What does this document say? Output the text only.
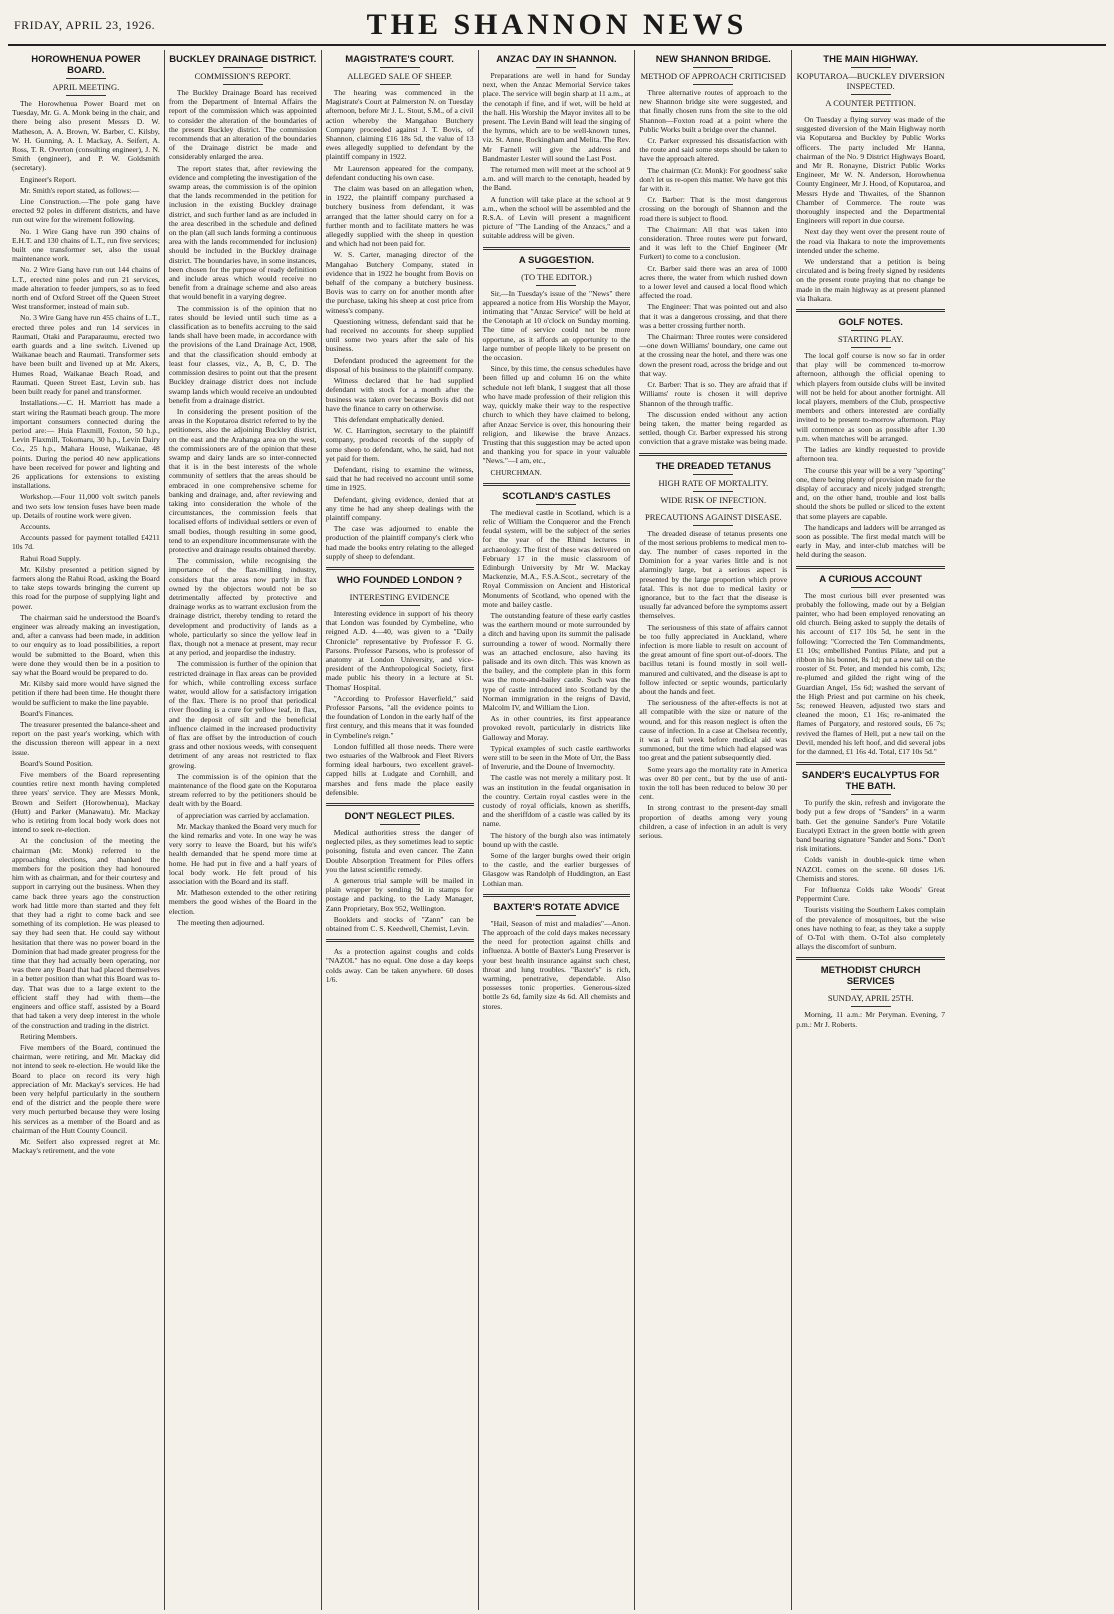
FRIDAY, APRIL 23, 1926.	THE SHANNON NEWS
HOROWHENUA POWER BOARD.
APRIL MEETING.

The Horowhenua Power Board met on Tuesday, Mr. G. A. Monk being in the chair, and there being also present Messrs D. W. Matheson, A. A. Brown, W. Barber, C. Kilsby, W. H. Gunning, A. I. Mackay, A. Seifert, A. Ross, T. R. Overton (consulting engineer), J. N. Smith (engineer), and P. W. Goldsmith (secretary).

Engineer's Report.

Mr. Smith's report stated, as follows:—

Line Construction.—The pole gang have erected 92 poles in different districts, and have run out wire for the wirement following.

No. 1 Wire Gang have run 390 chains of E.H.T. and 130 chains of L.T., run five services; built one transformer set, also the usual maintenance work.

No. 2 Wire Gang have run out 144 chains of L.T., erected nine poles and run 21 services, made alteration to feeder jumpers, so as to feed north end of Oxford Street off the Queen Street West transformer, instead of main sub.

No. 3 Wire Gang have run 455 chains of L.T., erected three poles and run 14 services in Raumati, Otaki and Paraparaumu, erected two earth guards and a line switch. Livened up Waikanae beach and Raumati. Transformer sets have been built and livened up at Mr. Akers, Humes Road, Waikanae Beach Road, and Raumati. Queen Street East, Levin sub. has been built ready for panel and transformer.

Installations.—C. H. Marriott has made a start wiring the Raumati beach group. The more important consumers connected during the period are:— Huia Flaxmill, Foxton, 50 h.p., Levin Flaxmill, Tokomaru, 30 h.p., Levin Dairy Co., 25 h.p., Mahara House, Waikanae, 48 points. During the period 40 new applications have been received for power and lighting and 26 applications for extensions to existing installations.

Workshop.—Four 11,000 volt switch panels and two sets low tension fuses have been made up. Details of routine work were given.

Accounts.

Accounts passed for payment totalled £4211 10s 7d.

Rahui Road Supply.

Mr. Kilsby presented a petition signed by farmers along the Rahui Road, asking the Board to take steps towards bringing the current up this road for the purpose of supplying light and power.

The chairman said he understood the Board's engineer was already making an investigation, and, after a canvass had been made, in addition to our enquiry as to load possibilities, a report would be submitted to the Board, when this were done they would then be in a position to say what the Board would be prepared to do.

Mr. Kilsby said more would have signed the petition if there had been time. He thought there would be sufficient to make the line payable.

Board's Finances.

The treasurer presented the balance-sheet and report on the past year's working, which with the discussion thereon will appear in a next issue.

Board's Sound Position.

Five members of the Board representing counties retire next month having completed three years' service. They are Messrs Monk, Brown and Seifert (Horowhenua), Mackay (Hutt) and Parker (Manawatu). Mr. Mackay who is retiring from local body work does not intend to seek re-election.

At the conclusion of the meeting the chairman (Mr. Monk) referred to the approaching elections, and thanked the members for the position they had honoured him with as chairman, and for their courtesy and support in carrying out the business. When they came back three years ago the construction work had little more than started and they felt that they had a right to come back and see something of its completion. He was pleased to say they had seen that. He could say without hesitation that there was no power board in the Dominion that had made greater progress for the time that they had actually been operating, nor was there any Board that had placed themselves in a better position than what this Board was to-day. That was due to a large extent to the efficient staff they had with them—the engineers and office staff, assisted by a Board that had taken a very deep interest in the whole of the construction and trading in the district.

Retiring Members.

Five members of the Board, continued the chairman, were retiring, and Mr. Mackay did not intend to seek re-election. He would like the Board to place on record its very high appreciation of Mr. Mackay's services. He had been very helpful particularly in the southern end of the district and the people there were very much perturbed because they were losing his services as a member of the Board and as chairman of the Hutt County Council.

Mr. Seifert also expressed regret at Mr. Mackay's retirement, and the vote

BUCKLEY DRAINAGE DISTRICT.
COMMISSION'S REPORT.

The Buckley Drainage Board has received from the Department of Internal Affairs the report of the commission which was appointed to consider the alteration of the boundaries of the present Buckley district. The commission recommends that an alteration of the boundaries of the Drainage district be made and considerably enlarged the area.

The report states that, after reviewing the evidence and completing the investigation of the swamp areas, the commission is of the opinion that the lands recommended in the petition for inclusion in the existing Buckley drainage district, and such further land as are included in the area described in the schedule and defined on the plan (all such lands forming a continuous area with the lands recommended for inclusion) should be included in the Buckley drainage district. The boundaries have, in some instances, been chosen for the purpose of ready definition and include areas which would receive no benefit from a drainage scheme and also areas that would benefit in a varying degree.

The commission is of the opinion that no rates should be levied until such time as a classification as to benefits accruing to the said lands shall have been made, in accordance with the provisions of the Land Drainage Act, 1908, and that the classification should embody at least four classes, viz., A, B, C, D. The commission desires to point out that the present Buckley drainage district does not include swamp lands which would receive an undoubted benefit from a drainage district.

In considering the present position of the areas in the Koputaroa district referred to by the petitioners, also the adjoining Buckley district, on the east and the Arahanga area on the west, the commissioners are of the opinion that these swamp and dairy lands are so inter-connected that it is in the best interests of the whole community of settlers that the areas should be embraced in one comprehensive scheme for banking and drainage, and, after reviewing and taking into consideration the whole of the circumstances, the commission feels that localised efforts of individual settlers or even of small bodies, though resulting in some good, tend to an expenditure incommensurate with the protective and drainage results obtained thereby.

The commission, while recognising the importance of the flax-milling industry, considers that the areas now partly in flax owned by the objectors would not be so detrimentally affected by protective and drainage works as to warrant exclusion from the drainage district, thereby tending to retard the development and productivity of lands as a whole, particularly so since the yellow leaf in flax, though not a menace at present, may recur at any period, and jeopardise the industry.

The commission is further of the opinion that restricted drainage in flax areas can be provided for which, while controlling excess surface water, would allow for a satisfactory irrigation of the flax. There is no proof that periodical river flooding is a cure for yellow leaf, in flax, and the deposit of silt and the beneficial influence claimed in the increased productivity of flax are offset by the introduction of couch grass and other noxious weeds, with consequent detriment of any areas not restricted to flax growing.

The commission is of the opinion that the maintenance of the flood gate on the Koputaroa stream referred to by the petitioners should be dealt with by the Board.

of appreciation was carried by acclamation.

Mr. Mackay thanked the Board very much for the kind remarks and vote. In one way he was very sorry to leave the Board, but his wife's health demanded that he spend more time at home. He had put in five and a half years of local body work. He felt proud of his association with the Board and its staff.

Mr. Matheson extended to the other retiring members the good wishes of the Board in the election.

The meeting then adjourned.

MAGISTRATE'S COURT.
ALLEGED SALE OF SHEEP.

The hearing was commenced in the Magistrate's Court at Palmerston N. on Tuesday afternoon, before Mr J. L. Stout, S.M., of a civil action whereby the Mangahao Butchery Company proceeded against J. T. Bovis, of Shannon, claiming £16 18s 5d, the value of 13 ewes allegedly supplied to defendant by the plaintiff company in 1922.

Mr Laurenson appeared for the company, defendant conducting his own case.

The claim was based on an allegation when, in 1922, the plaintiff company purchased a butchery business from defendant, it was arranged that the latter should carry on for a further month and to facilitate matters he was allegedly supplied with the sheep in question and which had not been paid for.

W. S. Carter, managing director of the Mangahao Butchery Company, stated in evidence that in 1922 he bought from Bovis on behalf of the company a butchery business. Bovis was to carry on for another month after the purchase, taking his sheep at cost price from witness's company.

Questioning witness, defendant said that he had received no accounts for sheep supplied until some two years after the sale of his business.

Defendant produced the agreement for the disposal of his business to the plaintiff company.

Witness declared that he had supplied defendant with stock for a month after the business was taken over because Bovis did not have the finance to carry on otherwise.

This defendant emphatically denied.

W. C. Harrington, secretary to the plaintiff company, produced records of the supply of some sheep to defendant, who, he said, had not yet paid for them.

Defendant, rising to examine the witness, said that he had received no account until some time in 1925.

Defendant, giving evidence, denied that at any time he had any sheep dealings with the plaintiff company.

The case was adjourned to enable the production of the plaintiff company's clerk who had made the books entry relating to the alleged supply of sheep to defendant.

WHO FOUNDED LONDON ?
INTERESTING EVIDENCE

Interesting evidence in support of his theory that London was founded by Cymbeline, who reigned A.D. 4—40, was given to a "Daily Chronicle" representative by Professor F. G. Parsons. Professor Parsons, who is professor of anatomy at London University, and vice-president of the Anthropological Society, first made public his theory in a lecture at St. Thomas' Hospital.

"According to Professor Haverfield," said Professor Parsons, "all the evidence points to the foundation of London in the early half of the first century, and this means that it was founded in Cymbeline's reign."

London fulfilled all those needs. There were two estuaries of the Walbrook and Fleet Rivers forming ideal harbours, two excellent gravel-capped hills at Ludgate and Cornhill, and marshes and fens made the place easily defensible.

DON'T NEGLECT PILES.

Medical authorities stress the danger of neglected piles, as they sometimes lead to septic poisoning, fistula and even cancer. The Zann Double Absorption Treatment for Piles offers you the latest scientific remedy.

A generous trial sample will be mailed in plain wrapper by sending 9d in stamps for postage and packing, to the Lady Manager, Zann Proprietary, Box 952, Wellington.

Booklets and stocks of "Zann" can be obtained from C. S. Keedwell, Chemist, Levin.

As a protection against coughs and colds "NAZOL" has no equal. One dose a day keeps colds away. Can be taken anywhere. 60 doses 1/6.

ANZAC DAY IN SHANNON.

Preparations are well in hand for Sunday next, when the Anzac Memorial Service takes place. The service will begin sharp at 11 a.m., at the cenotaph if fine, and if wet, will be held at the hall. His Worship the Mayor invites all to be present. The Levin Band will lead the singing of the hymns, which are to be well-known tunes, viz. St. Anne, Rockingham and Melita. The Rev. Mr Farnell will give the address and Bandmaster Lester will sound the Last Post.

The returned men will meet at the school at 9 a.m. and will march to the cenotaph, headed by the Band.

A function will take place at the school at 9 a.m., when the school will be assembled and the R.S.A. of Levin will present a magnificent picture of "The Landing of the Anzacs," and a suitable address will be given.

A SUGGESTION.
(TO THE EDITOR.)

Sir,—In Tuesday's issue of the "News" there appeared a notice from His Worship the Mayor, intimating that "Anzac Service" will be held at the Cenotaph at 10 o'clock on Sunday morning. The time of service could not be more opportune, as it affords an opportunity to the large number of people likely to be present on the occasion.

Since, by this time, the census schedules have been filled up and column 16 on the white schedule not left blank, I suggest that all those who have made profession of their religion this way, quickly make their way to the respective church to which they have claimed to belong, after Anzac Service is over, this honouring their religion, and likewise the brave Anzacs. Trusting that this suggestion may be acted upon and thanking you for space in your valuable "News."—I am, etc.,

CHURCHMAN.

SCOTLAND'S CASTLES

The medieval castle in Scotland, which is a relic of William the Conqueror and the French feudal system, will be the subject of the series for the year of the Rhind lectures in archaeology. The first of these was delivered on February 17 in the music classroom of Edinburgh University by Mr W. Mackay Mackenzie, M.A., F.S.A.Scot., secretary of the Royal Commission on Ancient and Historical Monuments of Scotland, who opened with the mote and bailey castle.

The outstanding feature of these early castles was the earthern mound or mote surrounded by a ditch and having upon its summit the palisade surrounding a tower of wood. Normally there was an attached enclosure, also having its palisade and its own ditch. This was known as the bailey, and the complete plan in this form was the mote-and-bailey castle. Such was the type of castle introduced into Scotland by the Norman immigration in the reigns of David, Malcolm IV, and William the Lion.

As in other countries, its first appearance provoked revolt, particularly in districts like Galloway and Moray.

Typical examples of such castle earthworks were still to be seen in the Mote of Urr, the Bass of Inverurie, and the Doune of Invernochty.

The castle was not merely a military post. It was an institution in the feudal organisation in the country. Certain royal castles were in the custody of royal officials, known as sheriffs, and the sheriffdom of a castle was called by its name.

The history of the burgh also was intimately bound up with the castle.

Some of the larger burghs owed their origin to the castle, and the earlier burgesses of Glasgow was Randolph of Huddington, an East Lothian man.

BAXTER'S ROTATE ADVICE

"Hail, Season of mist and maladies"—Anon. The approach of the cold days makes necessary the need for protection against chills and influenza. A bottle of Baxter's Lung Preserver is your best health insurance against such chest, throat and lung troubles. "Baxter's" is rich, warming, penetrative, dependable. Also possesses tonic properties. Generous-sized bottle 2s 6d, family size 4s 6d. All chemists and stores.

NEW SHANNON BRIDGE.
METHOD OF APPROACH CRITICISED

Three alternative routes of approach to the new Shannon bridge site were suggested, and that finally chosen runs from the site to the old Shannon—Foxton road at a point where the Public Works built a bridge over the channel.

Cr. Parker expressed his dissatisfaction with the route and said some steps should be taken to have the approach altered.

The chairman (Cr. Monk): For goodness' sake don't let us re-open this matter. We have got this far with it.

Cr. Barber: That is the most dangerous crossing on the borough of Shannon and the road there is subject to flood.

The Chairman: All that was taken into consideration. Three routes were put forward, and it was left to the Chief Engineer (Mr Furkert) to come to a conclusion.

Cr. Barber said there was an area of 1000 acres there, the water from which rushed down to a lower level and caused a local flood which affected the road.

The Engineer: That was pointed out and also that it was a dangerous crossing, and that there was a better crossing further north.

The Chairman: Three routes were considered—one down Williams' boundary, one came out at the crossing near the hotel, and there was one down the present road, across the bridge and out that way.

Cr. Barber: That is so. They are afraid that if Williams' route is chosen it will deprive Shannon of the through traffic.

The discussion ended without any action being taken, the matter being regarded as settled, though Cr. Barber expressed his strong conviction that a grave mistake was being made.

THE DREADED TETANUS
HIGH RATE OF MORTALITY.
WIDE RISK OF INFECTION.
PRECAUTIONS AGAINST DISEASE.

The dreaded disease of tetanus presents one of the most serious problems to medical men to-day. The number of cases reported in the Dominion for a year varies little and is not alarmingly large, but a serious aspect is presented by the large proportion which prove fatal. This is not due to medical laxity or ignorance, but to the fact that the disease is usually far advanced before the symptoms assert themselves.

The seriousness of this state of affairs cannot be too fully appreciated in Auckland, where infection is more liable to result on account of the great amount of fine sport out-of-doors. The bacillus tetani is found mostly in soil well-manured and cultivated, and the disease is apt to follow infected or septic wounds, particularly about the hands and feet.

The seriousness of the after-effects is not at all compatible with the size or nature of the wound, and for this reason neglect is often the cause of infection. In a case at Chelsea recently, it was a full week before medical aid was summoned, but the time which had elapsed was too great and the patient subsequently died.

Some years ago the mortality rate in America was over 80 per cent., but by the use of anti-toxin the toll has been reduced to below 30 per cent.

In strong contrast to the present-day small proportion of deaths among very young children, a case of infection in an adult is very serious.

THE MAIN HIGHWAY.
KOPUTAROA—BUCKLEY DIVERSION INSPECTED.
A COUNTER PETITION.

On Tuesday a flying survey was made of the suggested diversion of the Main Highway north via Koputaroa and Buckley by Public Works officers. The party included Mr Hanna, chairman of the No. 9 District Highways Board, and Mr R. Ronayne, District Public Works Engineer, Mr W. N. Anderson, Horowhenua County Engineer, Mr J. Hood, of Koputaroa, and Messrs Hyde and Thwaites, of the Shannon Chamber of Commerce. The route was thoroughly inspected and the Departmental Engineers will report in due course.

Next day they went over the present route of the road via Ihakara to note the improvements intended under the scheme.

We understand that a petition is being circulated and is being freely signed by residents on the present route praying that no change be made in the main highway as at present planned via Ihakara.

GOLF NOTES.
STARTING PLAY.

The local golf course is now so far in order that play will be commenced to-morrow afternoon, although the official opening to which players from outside clubs will be invited will not be held for about another fortnight. All local players, members of the Club, prospective members and others interested are cordially invited to be present to-morrow afternoon. Play will commence as soon as possible after 1.30 p.m. when matches will be arranged.

The ladies are kindly requested to provide afternoon tea.

The course this year will be a very "sporting" one, there being plenty of provision made for the display of accuracy and nicely judged strength; and, on the other hand, trouble and lost balls should the shots be pulled or sliced to the extent that some players are capable.

The handicaps and ladders will be arranged as soon as possible. The first medal match will be early in May, and inter-club matches will be held during the season.

A CURIOUS ACCOUNT

The most curious bill ever presented was probably the following, made out by a Belgian painter, who had been employed renovating an old church. Being asked to supply the details of his account of £17 10s 5d, he sent in the following: "Corrected the Ten Commandments, £1 10s; embellished Pontius Pilate, and put a ribbon in his bonnet, 8s 1d; put a new tail on the rooster of St. Peter, and mended his comb, 12s; re-plumed and gilded the right wing of the Guardian Angel, 15s 6d; washed the servant of the High Priest and put carmine on his cheek, 5s; renewed Heaven, adjusted two stars and cleaned the moon, £1 16s; re-animated the flames of Purgatory, and restored souls, £6 7s; revived the flames of Hell, put a new tail on the Devil, mended his left hoof, and did several jobs for the damned, £1 16s 4d. Total, £17 10s 5d."

SANDER'S EUCALYPTUS FOR THE BATH.

To purify the skin, refresh and invigorate the body put a few drops of "Sanders" in a warm bath. Get the genuine Sander's Pure Volatile Eucalypti Extract in the green bottle with green band bearing signature "Sander and Sons." Don't risk imitations.

Colds vanish in double-quick time when NAZOL comes on the scene. 60 doses 1/6. Chemists and stores.

For Influenza Colds take Woods' Great Peppermint Cure.

Tourists visiting the Southern Lakes complain of the prevalence of mosquitoes, but the wise ones have nothing to fear, as they take a supply of O-Tol with them. O-Tol also completely allays the discomfort of sunburn.

METHODIST CHURCH SERVICES
SUNDAY, APRIL 25TH.

Morning, 11 a.m.: Mr Peryman. Evening, 7 p.m.: Mr J. Roberts.
